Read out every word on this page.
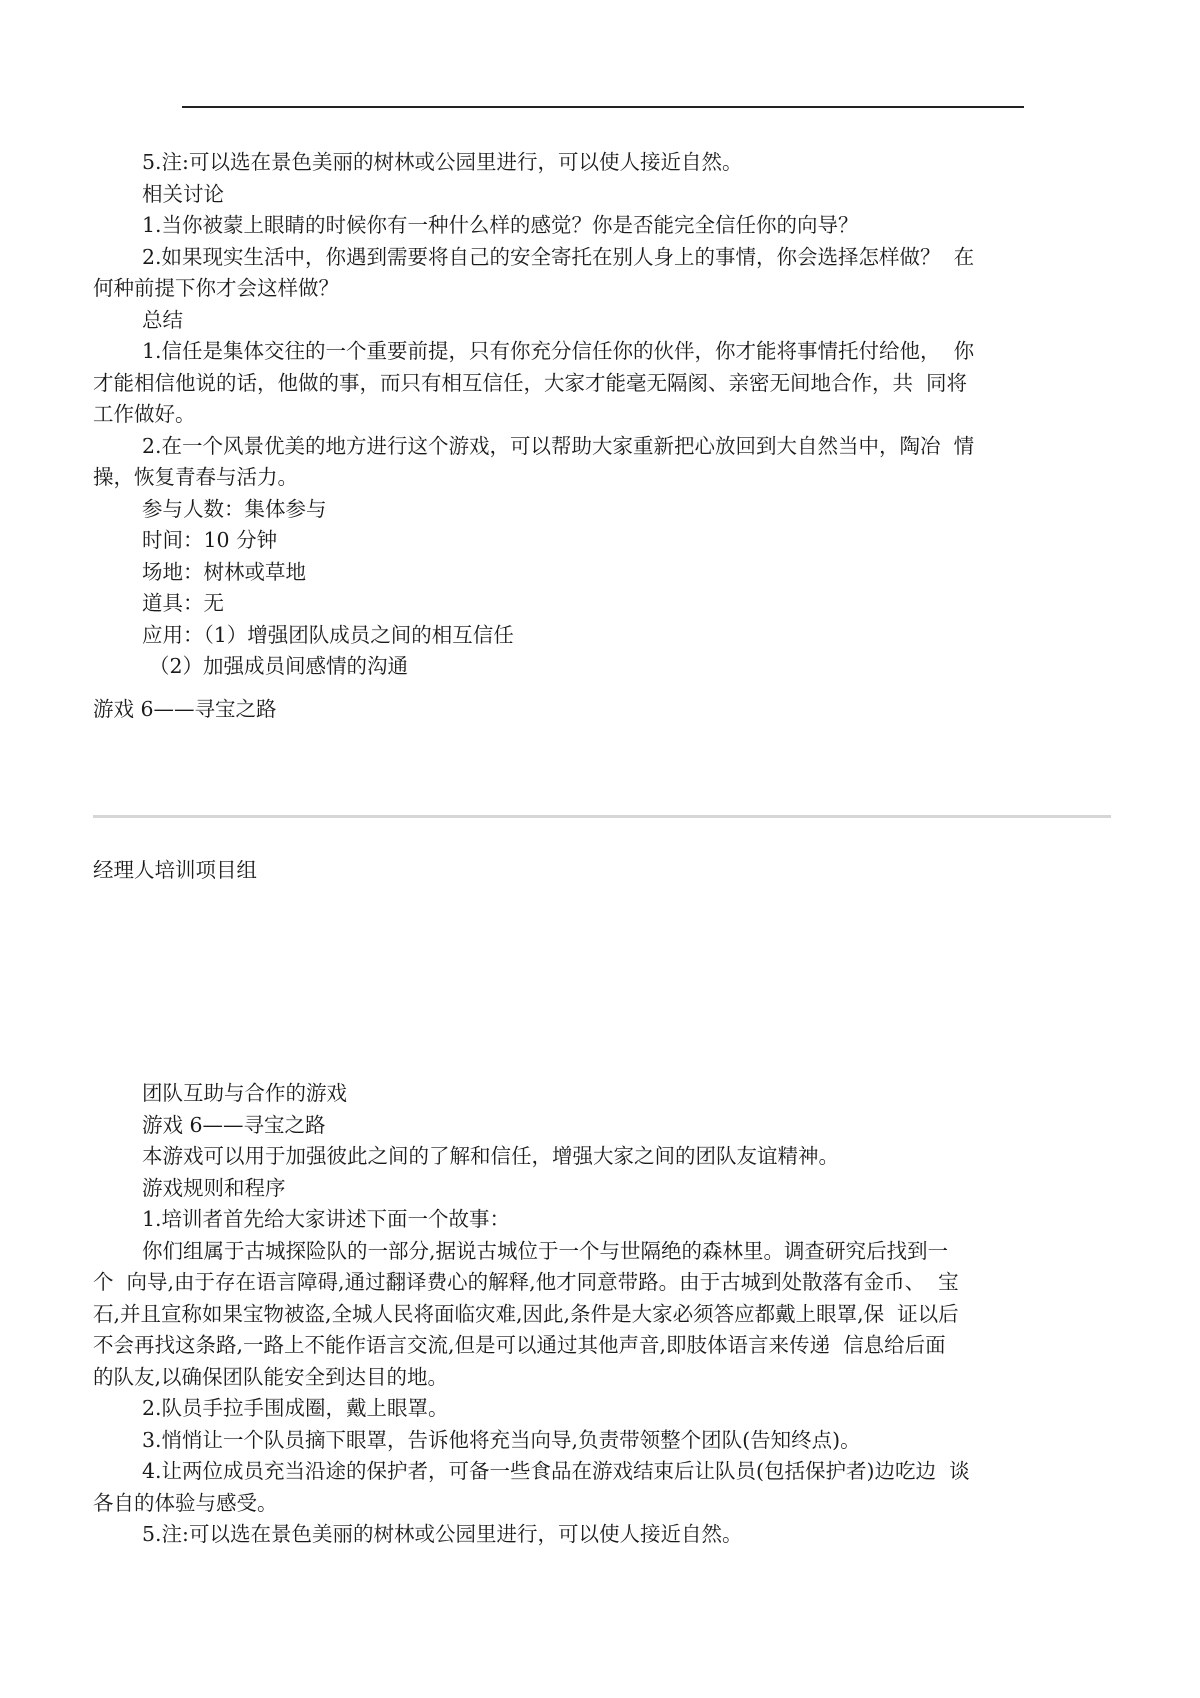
5.注:可以选在景色美丽的树林或公园里进行，可以使人接近自然。

相关讨论

1.当你被蒙上眼睛的时候你有一种什么样的感觉？你是否能完全信任你的向导？

2.如果现实生活中，你遇到需要将自己的安全寄托在别人身上的事情，你会选择怎样做？  在

何种前提下你才会这样做？

总结

1.信任是集体交往的一个重要前提，只有你充分信任你的伙伴，你才能将事情托付给他，  你

才能相信他说的话，他做的事，而只有相互信任，大家才能毫无隔阂、亲密无间地合作，共  同将

工作做好。

2.在一个风景优美的地方进行这个游戏，可以帮助大家重新把心放回到大自然当中，陶冶  情

操，恢复青春与活力。

参与人数：集体参与

时间：10 分钟

场地：树林或草地

道具：无

应用：（1）增强团队成员之间的相互信任

（2）加强成员间感情的沟通

游戏 6——寻宝之路

经理人培训项目组

团队互助与合作的游戏

游戏 6——寻宝之路

本游戏可以用于加强彼此之间的了解和信任，增强大家之间的团队友谊精神。

游戏规则和程序

1.培训者首先给大家讲述下面一个故事：

你们组属于古城探险队的一部分,据说古城位于一个与世隔绝的森林里。调查研究后找到一

个  向导,由于存在语言障碍,通过翻译费心的解释,他才同意带路。由于古城到处散落有金币、  宝

石,并且宣称如果宝物被盗,全城人民将面临灾难,因此,条件是大家必须答应都戴上眼罩,保  证以后

不会再找这条路,一路上不能作语言交流,但是可以通过其他声音,即肢体语言来传递  信息给后面

的队友,以确保团队能安全到达目的地。

2.队员手拉手围成圈，戴上眼罩。

3.悄悄让一个队员摘下眼罩，告诉他将充当向导,负责带领整个团队(告知终点)。

4.让两位成员充当沿途的保护者，可备一些食品在游戏结束后让队员(包括保护者)边吃边  谈

各自的体验与感受。

5.注:可以选在景色美丽的树林或公园里进行，可以使人接近自然。
